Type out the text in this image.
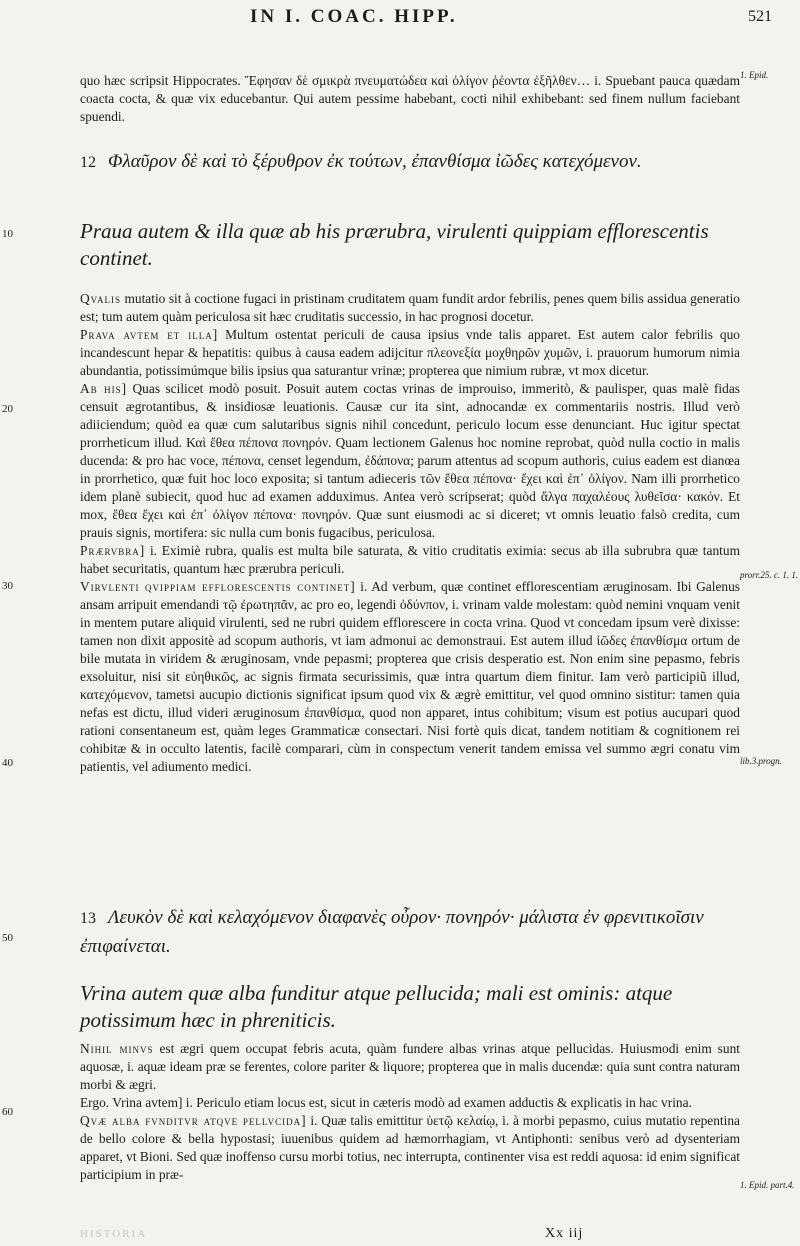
IN I. COAC. HIPP.	521
1. Epid.
prorr.25. c. 1. 1.
lib.3.progn.
1. Epid. part.4.
10
20
30
40
50
60

quo hæc scripsit Hippocrates. Ἔφησαν δὲ σμικρὰ πνευματώδεα καὶ ὀλίγον ῥέοντα ἐξῆλθεν… i. Spuebant pauca quædam coacta cocta, & quæ vix educebantur. Qui autem pessime habebant, cocti nihil exhibebant: sed finem nullum faciebant spuendi.

12 Φλαῦρον δὲ καὶ τὸ ξέρυθρον ἐκ τούτων, ἐπανθίσμα ἰῶδες κατεχόμενον.

Praua autem & illa quæ ab his prærubra, virulenti quippiam efflorescentis continet.

Qvalis mutatio sit à coctione fugaci in pristinam cruditatem quam fundit ardor febrilis, penes quem bilis assidua generatio est; tum autem quàm periculosa sit hæc cruditatis successio, in hac prognosi docetur.

Prava avtem et illa] Multum ostentat periculi de causa ipsius vnde talis apparet. Est autem calor febrilis quo incandescunt hepar & hepatitis: quibus à causa eadem adijcitur πλεονεξία μοχθηρῶν χυμῶν, i. prauorum humorum nimia abundantia, potissimúmque bilis ipsius qua saturantur vrinæ; propterea que nimium rubræ, vt mox dicetur.

Ab his] Quas scilicet modò posuit. Posuit autem coctas vrinas de improuiso, immeritò, & paulisper, quas malè fidas censuit ægrotantibus, & insidiosæ leuationis. Causæ cur ita sint, adnocandæ ex commentariis nostris. Illud verò adiiciendum; quòd ea quæ cum salutaribus signis nihil concedunt, periculo locum esse denunciant. Huc igitur spectat prorrheticum illud. Καὶ ἔθεα πέπονα πονηρόν. Quam lectionem Galenus hoc nomine reprobat, quòd nulla coctio in malis ducenda: & pro hac voce, πέπονα, censet legendum, ἐδάπονα; parum attentus ad scopum authoris, cuius eadem est dianœa in prorrhetico, quæ fuit hoc loco exposita; si tantum adieceris τῶν ἔθεα πέπονα· ἔχει καὶ ἐπ᾽ ὀλίγον. Nam illi prorrhetico idem planè subiecit, quod huc ad examen adduximus. Antea verò scripserat; quòd ἄλγα παχαλέους λυθεῖσα· κακόν. Et mox, ἔθεα ἔχει καὶ ἐπ᾽ ὀλίγον πέπονα· πονηρόν. Quæ sunt eiusmodi ac si diceret; vt omnis leuatio falsò credita, cum prauis signis, mortifera: sic nulla cum bonis fugacibus, periculosa.

Prærvbra] i. Eximiè rubra, qualis est multa bile saturata, & vitio cruditatis eximia: secus ab illa subrubra quæ tantum habet securitatis, quantum hæc prærubra periculi.

Virvlenti qvippiam efflorescentis continet] i. Ad verbum, quæ continet efflorescentiam æruginosam. Ibi Galenus ansam arripuit emendandi τῷ ἐρωτηπᾶν, ac pro eo, legendi ὀδύνπον, i. vrinam valde molestam: quòd nemini vnquam venit in mentem putare aliquid virulenti, sed ne rubri quidem efflorescere in cocta vrina. Quod vt concedam ipsum verè dixisse: tamen non dixit appositè ad scopum authoris, vt iam admonui ac demonstraui. Est autem illud ἰῶδες ἐπανθίσμα ortum de bile mutata in viridem & æruginosam, vnde pepasmi; propterea que crisis desperatio est. Non enim sine pepasmo, febris exsoluitur, nisi sit εὐηθικῶς, ac signis firmata securissimis, quæ intra quartum diem finitur. Iam verò participiũ illud, κατεχόμενον, tametsi aucupio dictionis significat ipsum quod vix & ægrè emittitur, vel quod omnino sistitur: tamen quia nefas est dictu, illud videri æruginosum ἐπανθίσμα, quod non apparet, intus cohibitum; visum est potius aucupari quod rationi consentaneum est, quàm leges Grammaticæ consectari. Nisi fortè quis dicat, tandem notitiam & cognitionem rei cohibitæ & in occulto latentis, facilè comparari, cùm in conspectum venerit tandem emissa vel summo ægri conatu vim patientis, vel adiumento medici.

13 Λευκὸν δὲ καὶ κελαχόμενον διαφανὲς οὖρον· πονηρόν· μάλιστα ἐν φρενιτικοῖσιν ἐπιφαίνεται.

Vrina autem quæ alba funditur atque pellucida; mali est ominis: atque potissimum hæc in phreniticis.

Nihil minvs est ægri quem occupat febris acuta, quàm fundere albas vrinas atque pellucidas. Huiusmodi enim sunt aquosæ, i. aquæ ideam præ se ferentes, colore pariter & liquore; propterea que in malis ducendæ: quia sunt contra naturam morbi & ægri.

Ergo. Vrina avtem] i. Periculo etiam locus est, sicut in cæteris modò ad examen adductis & explicatis in hac vrina.

Qvæ alba fvnditvr atqve pellvcida] i. Quæ talis emittitur ὑετῷ κελαίῳ, i. à morbi pepasmo, cuius mutatio repentina de bello colore & bella hypostasi; iuuenibus quidem ad hæmorrhagiam, vt Antiphonti: senibus verò ad dysenteriam apparet, vt Bioni. Sed quæ inoffenso cursu morbi totius, nec interrupta, continenter visa est reddi aquosa: id enim significat participium in præ-

HISTORIA	Xx iij
